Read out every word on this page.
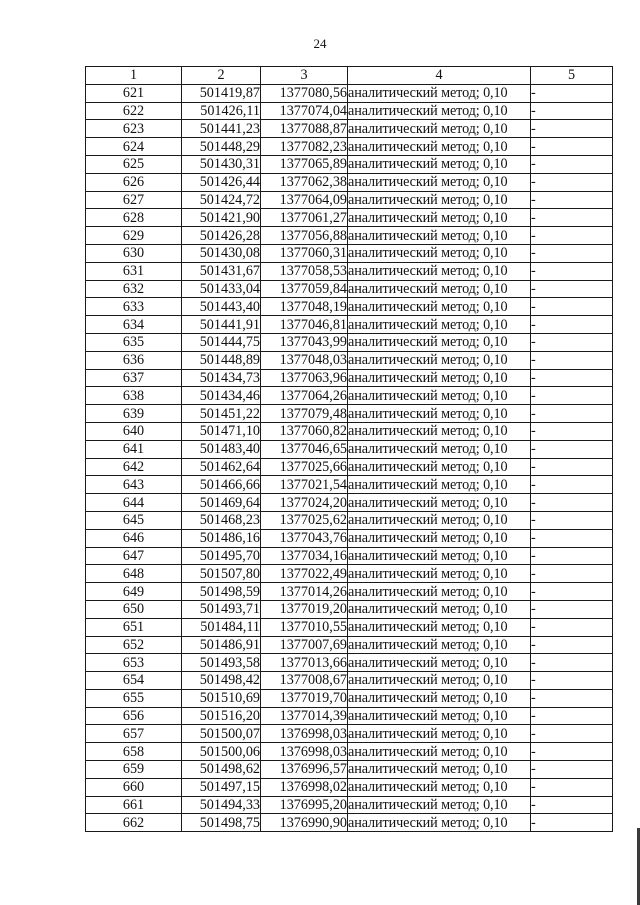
24
1	2	3	4	5
621	501419,87	1377080,56	аналитический метод; 0,10	-
622	501426,11	1377074,04	аналитический метод; 0,10	-
623	501441,23	1377088,87	аналитический метод; 0,10	-
624	501448,29	1377082,23	аналитический метод; 0,10	-
625	501430,31	1377065,89	аналитический метод; 0,10	-
626	501426,44	1377062,38	аналитический метод; 0,10	-
627	501424,72	1377064,09	аналитический метод; 0,10	-
628	501421,90	1377061,27	аналитический метод; 0,10	-
629	501426,28	1377056,88	аналитический метод; 0,10	-
630	501430,08	1377060,31	аналитический метод; 0,10	-
631	501431,67	1377058,53	аналитический метод; 0,10	-
632	501433,04	1377059,84	аналитический метод; 0,10	-
633	501443,40	1377048,19	аналитический метод; 0,10	-
634	501441,91	1377046,81	аналитический метод; 0,10	-
635	501444,75	1377043,99	аналитический метод; 0,10	-
636	501448,89	1377048,03	аналитический метод; 0,10	-
637	501434,73	1377063,96	аналитический метод; 0,10	-
638	501434,46	1377064,26	аналитический метод; 0,10	-
639	501451,22	1377079,48	аналитический метод; 0,10	-
640	501471,10	1377060,82	аналитический метод; 0,10	-
641	501483,40	1377046,65	аналитический метод; 0,10	-
642	501462,64	1377025,66	аналитический метод; 0,10	-
643	501466,66	1377021,54	аналитический метод; 0,10	-
644	501469,64	1377024,20	аналитический метод; 0,10	-
645	501468,23	1377025,62	аналитический метод; 0,10	-
646	501486,16	1377043,76	аналитический метод; 0,10	-
647	501495,70	1377034,16	аналитический метод; 0,10	-
648	501507,80	1377022,49	аналитический метод; 0,10	-
649	501498,59	1377014,26	аналитический метод; 0,10	-
650	501493,71	1377019,20	аналитический метод; 0,10	-
651	501484,11	1377010,55	аналитический метод; 0,10	-
652	501486,91	1377007,69	аналитический метод; 0,10	-
653	501493,58	1377013,66	аналитический метод; 0,10	-
654	501498,42	1377008,67	аналитический метод; 0,10	-
655	501510,69	1377019,70	аналитический метод; 0,10	-
656	501516,20	1377014,39	аналитический метод; 0,10	-
657	501500,07	1376998,03	аналитический метод; 0,10	-
658	501500,06	1376998,03	аналитический метод; 0,10	-
659	501498,62	1376996,57	аналитический метод; 0,10	-
660	501497,15	1376998,02	аналитический метод; 0,10	-
661	501494,33	1376995,20	аналитический метод; 0,10	-
662	501498,75	1376990,90	аналитический метод; 0,10	-
